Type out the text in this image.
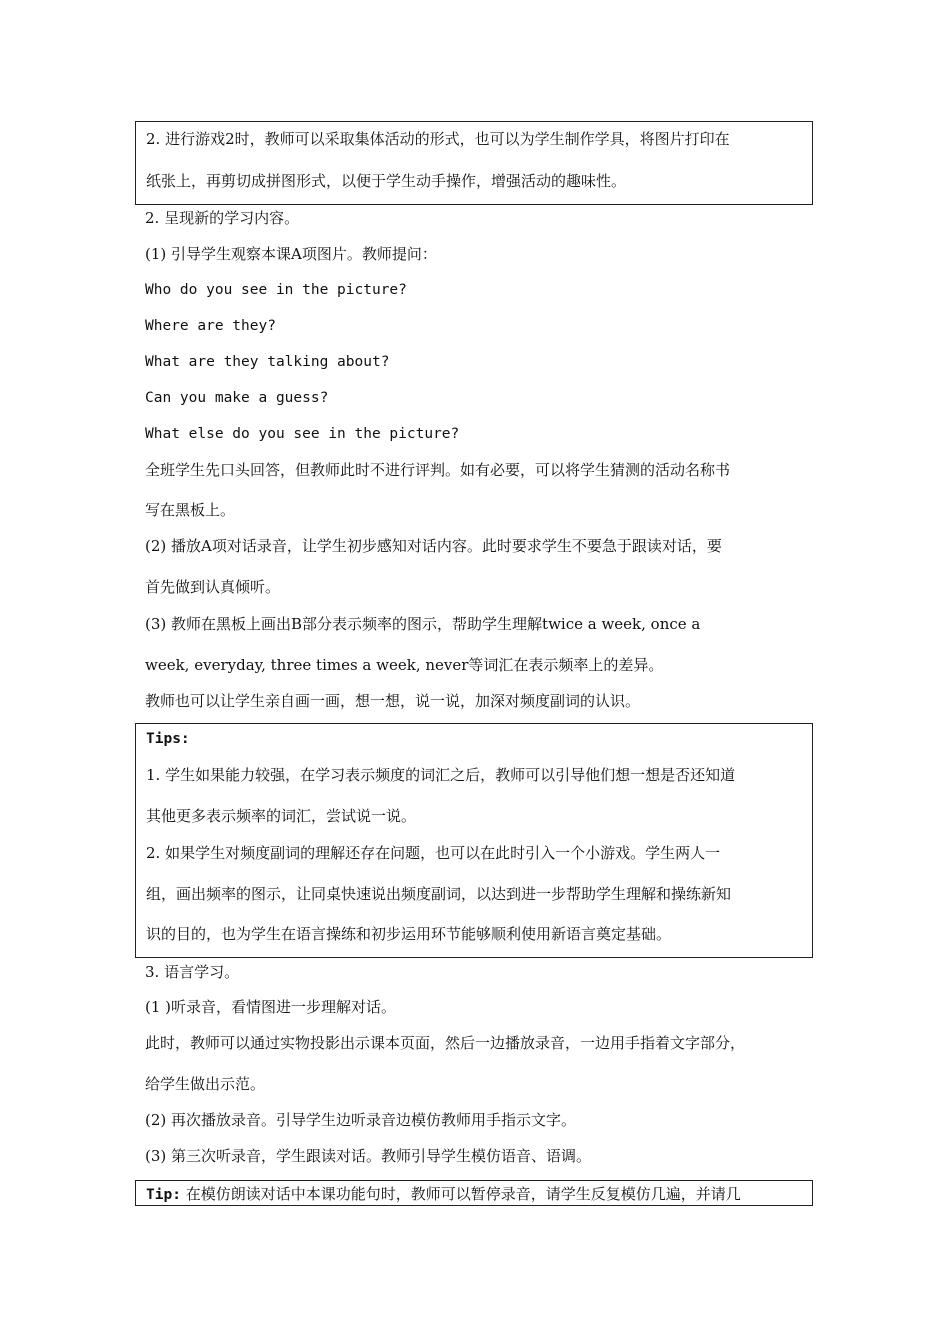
2. 进行游戏2时，教师可以采取集体活动的形式，也可以为学生制作学具，将图片打印在
纸张上，再剪切成拼图形式，以便于学生动手操作，增强活动的趣味性。
2. 呈现新的学习内容。
(1) 引导学生观察本课A项图片。教师提问：
Who do you see in the picture?
Where are they?
What are they talking about?
Can you make a guess?
What else do you see in the picture?
全班学生先口头回答，但教师此时不进行评判。如有必要，可以将学生猜测的活动名称书
写在黑板上。
(2) 播放A项对话录音，让学生初步感知对话内容。此时要求学生不要急于跟读对话，要
首先做到认真倾听。
(3) 教师在黑板上画出B部分表示频率的图示，帮助学生理解twice a week, once a
week, everyday, three times a week, never等词汇在表示频率上的差异。
教师也可以让学生亲自画一画，想一想，说一说，加深对频度副词的认识。
Tips:
1. 学生如果能力较强，在学习表示频度的词汇之后，教师可以引导他们想一想是否还知道
其他更多表示频率的词汇，尝试说一说。
2. 如果学生对频度副词的理解还存在问题，也可以在此时引入一个小游戏。学生两人一
组，画出频率的图示，让同桌快速说出频度副词，以达到进一步帮助学生理解和操练新知
识的目的，也为学生在语言操练和初步运用环节能够顺利使用新语言奠定基础。
3. 语言学习。
(1 )听录音，看情图进一步理解对话。
此时，教师可以通过实物投影出示课本页面，然后一边播放录音，一边用手指着文字部分，
给学生做出示范。
(2) 再次播放录音。引导学生边听录音边模仿教师用手指示文字。
(3) 第三次听录音，学生跟读对话。教师引导学生模仿语音、语调。
Tip: 在模仿朗读对话中本课功能句时，教师可以暂停录音，请学生反复模仿几遍，并请几
